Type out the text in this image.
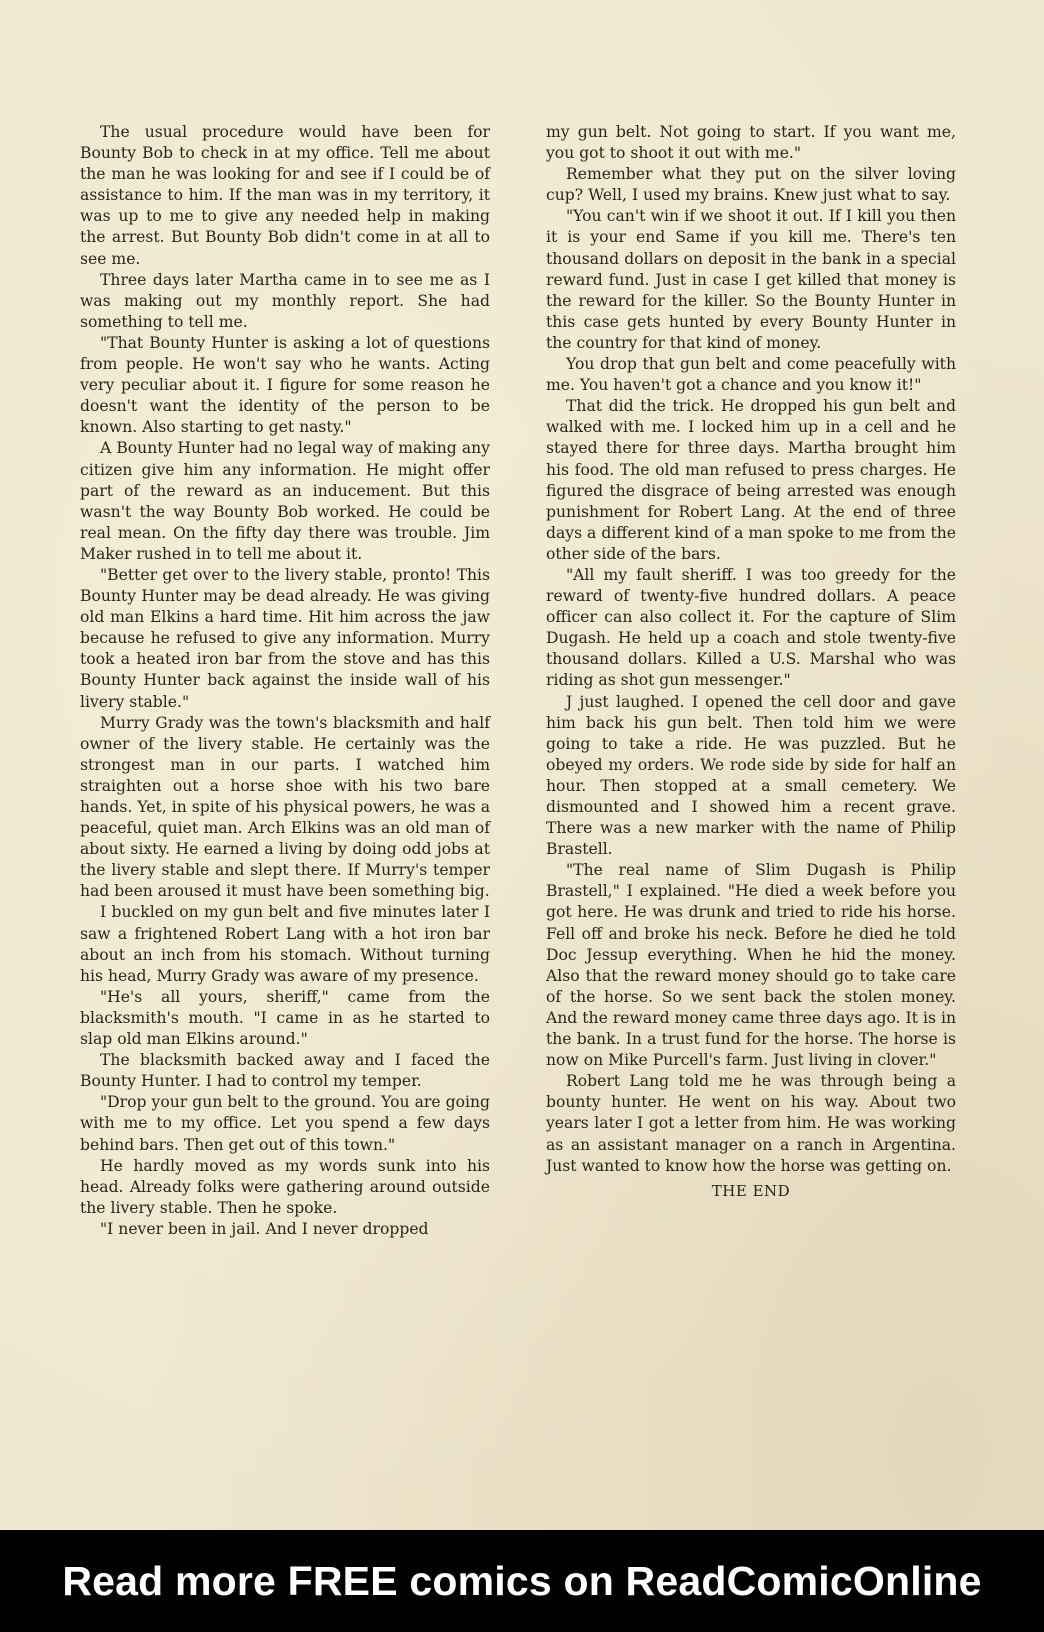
The usual procedure would have been for Bounty Bob to check in at my office. Tell me about the man he was looking for and see if I could be of assistance to him. If the man was in my territory, it was up to me to give any needed help in making the arrest. But Bounty Bob didn't come in at all to see me.

Three days later Martha came in to see me as I was making out my monthly report. She had something to tell me.

"That Bounty Hunter is asking a lot of questions from people. He won't say who he wants. Acting very peculiar about it. I figure for some reason he doesn't want the identity of the person to be known. Also starting to get nasty."

A Bounty Hunter had no legal way of making any citizen give him any information. He might offer part of the reward as an inducement. But this wasn't the way Bounty Bob worked. He could be real mean. On the fifty day there was trouble. Jim Maker rushed in to tell me about it.

"Better get over to the livery stable, pronto! This Bounty Hunter may be dead already. He was giving old man Elkins a hard time. Hit him across the jaw because he refused to give any information. Murry took a heated iron bar from the stove and has this Bounty Hunter back against the inside wall of his livery stable."

Murry Grady was the town's blacksmith and half owner of the livery stable. He certainly was the strongest man in our parts. I watched him straighten out a horse shoe with his two bare hands. Yet, in spite of his physical powers, he was a peaceful, quiet man. Arch Elkins was an old man of about sixty. He earned a living by doing odd jobs at the livery stable and slept there. If Murry's temper had been aroused it must have been something big.

I buckled on my gun belt and five minutes later I saw a frightened Robert Lang with a hot iron bar about an inch from his stomach. Without turning his head, Murry Grady was aware of my presence.

"He's all yours, sheriff," came from the blacksmith's mouth. "I came in as he started to slap old man Elkins around."

The blacksmith backed away and I faced the Bounty Hunter. I had to control my temper.

"Drop your gun belt to the ground. You are going with me to my office. Let you spend a few days behind bars. Then get out of this town."

He hardly moved as my words sunk into his head. Already folks were gathering around outside the livery stable. Then he spoke.

"I never been in jail. And I never dropped

my gun belt. Not going to start. If you want me, you got to shoot it out with me."

Remember what they put on the silver loving cup? Well, I used my brains. Knew just what to say.

"You can't win if we shoot it out. If I kill you then it is your end Same if you kill me. There's ten thousand dollars on deposit in the bank in a special reward fund. Just in case I get killed that money is the reward for the killer. So the Bounty Hunter in this case gets hunted by every Bounty Hunter in the country for that kind of money.

You drop that gun belt and come peacefully with me. You haven't got a chance and you know it!"

That did the trick. He dropped his gun belt and walked with me. I locked him up in a cell and he stayed there for three days. Martha brought him his food. The old man refused to press charges. He figured the disgrace of being arrested was enough punishment for Robert Lang. At the end of three days a different kind of a man spoke to me from the other side of the bars.

"All my fault sheriff. I was too greedy for the reward of twenty-five hundred dollars. A peace officer can also collect it. For the capture of Slim Dugash. He held up a coach and stole twenty-five thousand dollars. Killed a U.S. Marshal who was riding as shot gun messenger."

J just laughed. I opened the cell door and gave him back his gun belt. Then told him we were going to take a ride. He was puzzled. But he obeyed my orders. We rode side by side for half an hour. Then stopped at a small cemetery. We dismounted and I showed him a recent grave. There was a new marker with the name of Philip Brastell.

"The real name of Slim Dugash is Philip Brastell," I explained. "He died a week before you got here. He was drunk and tried to ride his horse. Fell off and broke his neck. Before he died he told Doc Jessup everything. When he hid the money. Also that the reward money should go to take care of the horse. So we sent back the stolen money. And the reward money came three days ago. It is in the bank. In a trust fund for the horse. The horse is now on Mike Purcell's farm. Just living in clover."

Robert Lang told me he was through being a bounty hunter. He went on his way. About two years later I got a letter from him. He was working as an assistant manager on a ranch in Argentina. Just wanted to know how the horse was getting on.

THE END

Read more FREE comics on ReadComicOnline
